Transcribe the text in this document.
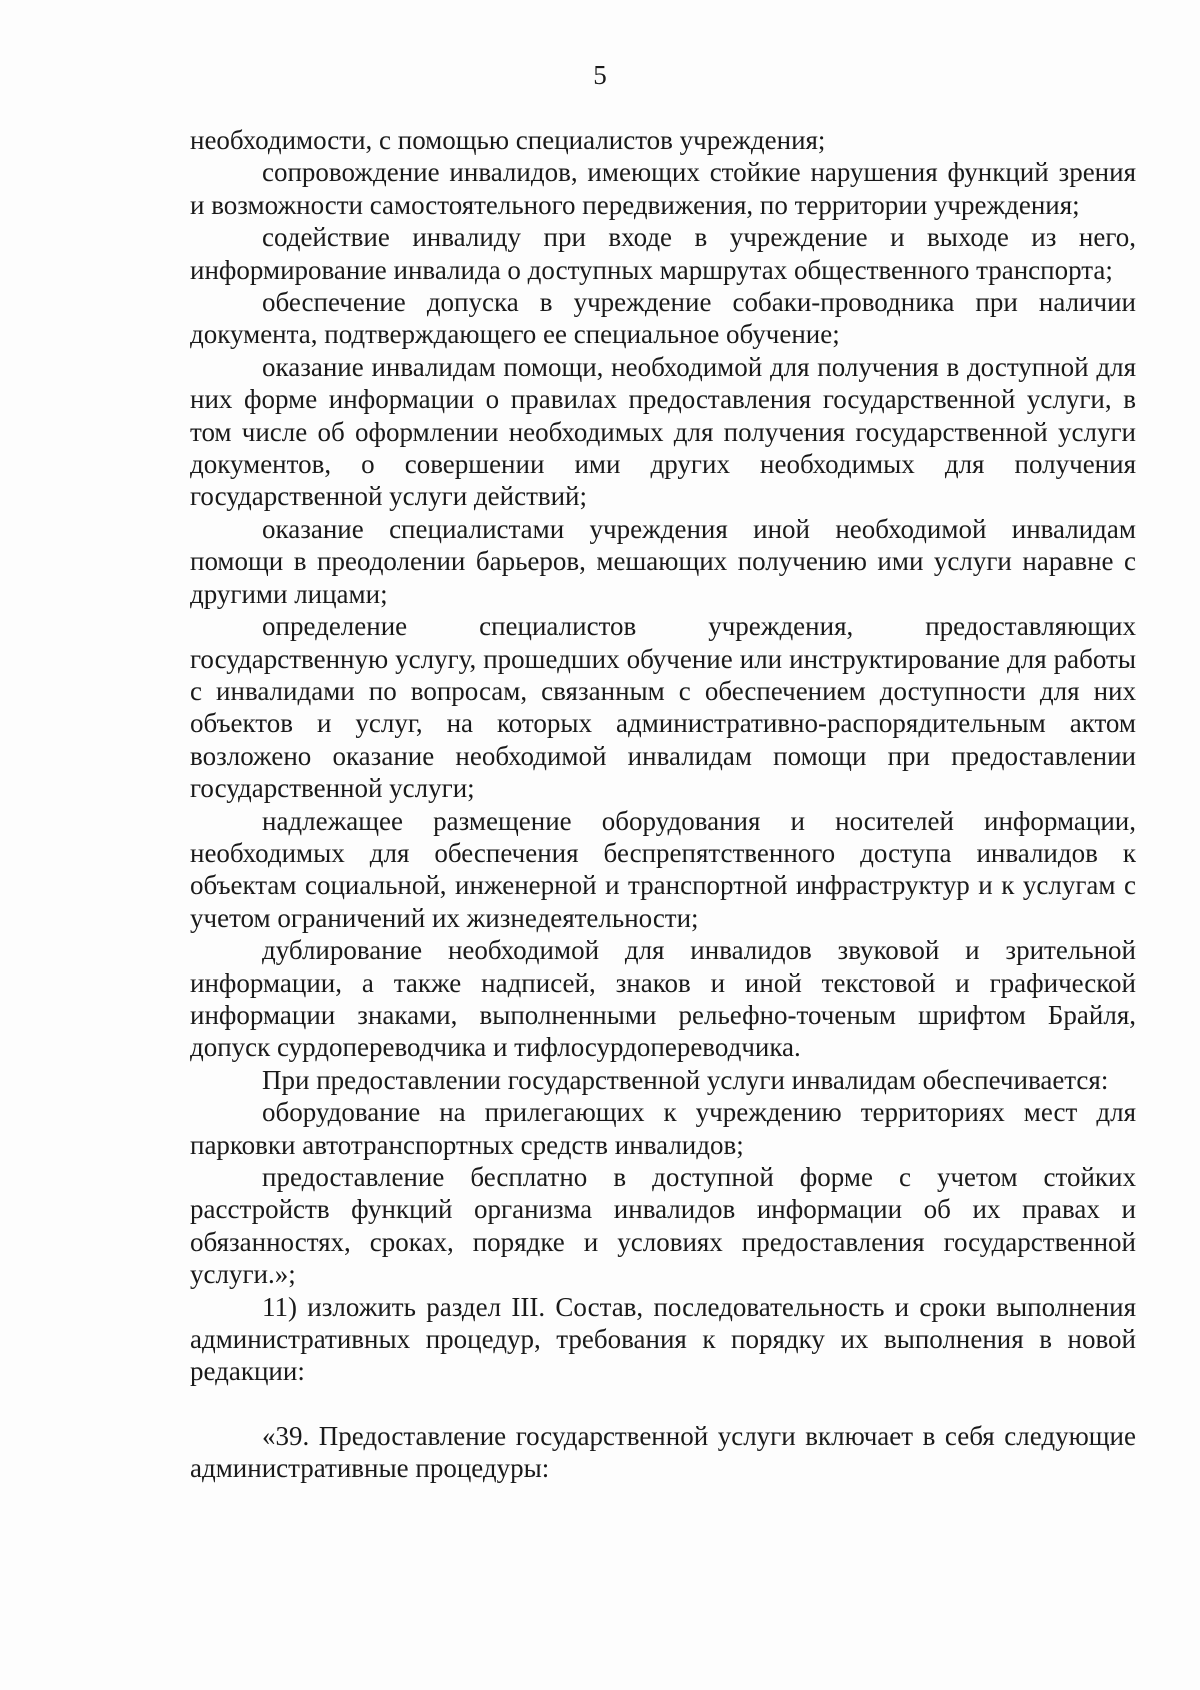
5

необходимости, с помощью специалистов учреждения;

сопровождение инвалидов, имеющих стойкие нарушения функций зрения и возможности самостоятельного передвижения, по территории учреждения;

содействие инвалиду при входе в учреждение и выходе из него, информирование инвалида о доступных маршрутах общественного транспорта;

обеспечение допуска в учреждение собаки-проводника при наличии документа, подтверждающего ее специальное обучение;

оказание инвалидам помощи, необходимой для получения в доступной для них форме информации о правилах предоставления государственной услуги, в том числе об оформлении необходимых для получения государственной услуги документов, о совершении ими других необходимых для получения государственной услуги действий;

оказание специалистами учреждения иной необходимой инвалидам помощи в преодолении барьеров, мешающих получению ими услуги наравне с другими лицами;

определение специалистов учреждения, предоставляющих государственную услугу, прошедших обучение или инструктирование для работы с инвалидами по вопросам, связанным с обеспечением доступности для них объектов и услуг, на которых административно-распорядительным актом возложено оказание необходимой инвалидам помощи при предоставлении государственной услуги;

надлежащее размещение оборудования и носителей информации, необходимых для обеспечения беспрепятственного доступа инвалидов к объектам социальной, инженерной и транспортной инфраструктур и к услугам с учетом ограничений их жизнедеятельности;

дублирование необходимой для инвалидов звуковой и зрительной информации, а также надписей, знаков и иной текстовой и графической информации знаками, выполненными рельефно-точеным шрифтом Брайля, допуск сурдопереводчика и тифлосурдопереводчика.

При предоставлении государственной услуги инвалидам обеспечивается:

оборудование на прилегающих к учреждению территориях мест для парковки автотранспортных средств инвалидов;

предоставление бесплатно в доступной форме с учетом стойких расстройств функций организма инвалидов информации об их правах и обязанностях, сроках, порядке и условиях предоставления государственной услуги.»;

11) изложить раздел III. Состав, последовательность и сроки выполнения административных процедур, требования к порядку их выполнения в новой редакции:

«39. Предоставление государственной услуги включает в себя следующие административные процедуры:
